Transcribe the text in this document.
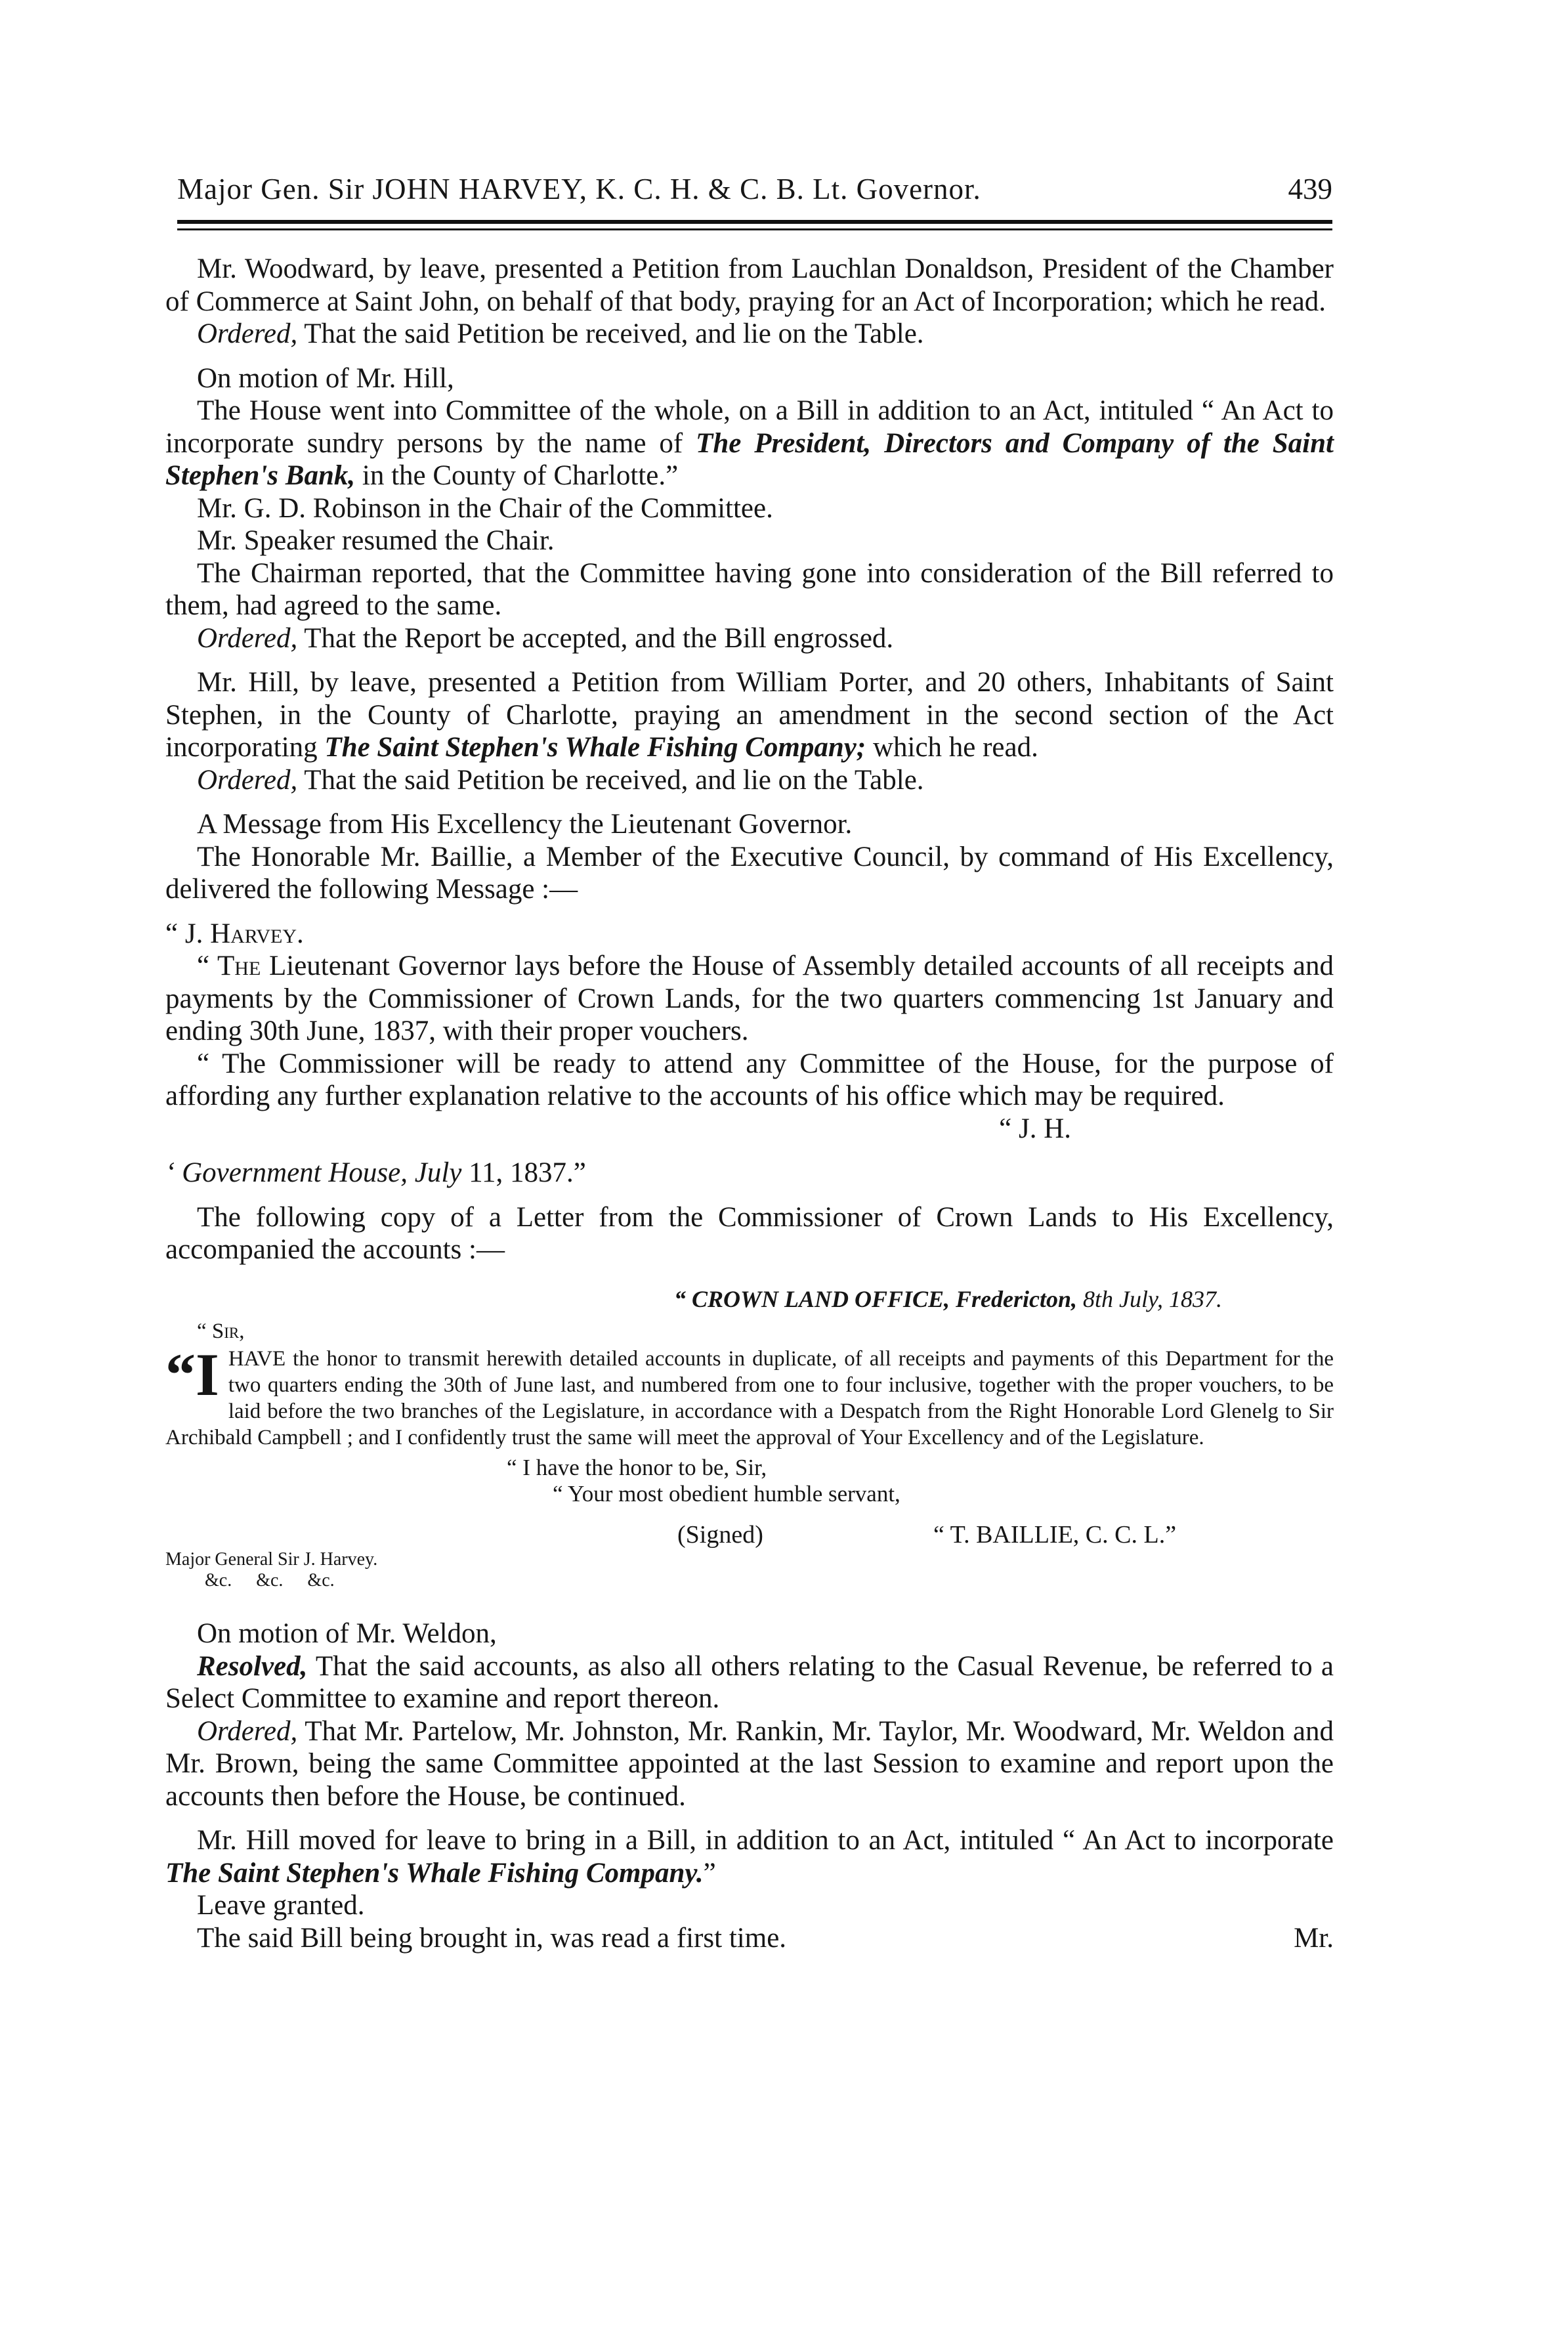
Major Gen. Sir JOHN HARVEY, K. C. H. & C. B. Lt. Governor.	439

Mr. Woodward, by leave, presented a Petition from Lauchlan Donaldson, President of the Chamber of Commerce at Saint John, on behalf of that body, praying for an Act of Incorporation; which he read.

Ordered, That the said Petition be received, and lie on the Table.

On motion of Mr. Hill,

The House went into Committee of the whole, on a Bill in addition to an Act, intituled “ An Act to incorporate sundry persons by the name of The President, Directors and Company of the Saint Stephen's Bank, in the County of Charlotte.”

Mr. G. D. Robinson in the Chair of the Committee.

Mr. Speaker resumed the Chair.

The Chairman reported, that the Committee having gone into consideration of the Bill referred to them, had agreed to the same.

Ordered, That the Report be accepted, and the Bill engrossed.

Mr. Hill, by leave, presented a Petition from William Porter, and 20 others, Inhabitants of Saint Stephen, in the County of Charlotte, praying an amendment in the second section of the Act incorporating The Saint Stephen's Whale Fishing Company; which he read.

Ordered, That the said Petition be received, and lie on the Table.

A Message from His Excellency the Lieutenant Governor.

The Honorable Mr. Baillie, a Member of the Executive Council, by command of His Excellency, delivered the following Message :—

“ J. Harvey.

“ The Lieutenant Governor lays before the House of Assembly detailed accounts of all receipts and payments by the Commissioner of Crown Lands, for the two quarters commencing 1st January and ending 30th June, 1837, with their proper vouchers.

“ The Commissioner will be ready to attend any Committee of the House, for the purpose of affording any further explanation relative to the accounts of his office which may be required.

“ J. H.

‘ Government House, July 11, 1837.”

The following copy of a Letter from the Commissioner of Crown Lands to His Excellency, accompanied the accounts :—

“ CROWN LAND OFFICE, Fredericton, 8th July, 1837.

“ Sir,

“I HAVE the honor to transmit herewith detailed accounts in duplicate, of all receipts and payments of this Department for the two quarters ending the 30th of June last, and numbered from one to four inclusive, together with the proper vouchers, to be laid before the two branches of the Legislature, in accordance with a Despatch from the Right Honorable Lord Glenelg to Sir Archibald Campbell ; and I confidently trust the same will meet the approval of Your Excellency and of the Legislature.

“ I have the honor to be, Sir,

“ Your most obedient humble servant,

(Signed)	“ T. BAILLIE, C. C. L.”

Major General Sir J. Harvey.

&c. &c. &c.

On motion of Mr. Weldon,

Resolved, That the said accounts, as also all others relating to the Casual Revenue, be referred to a Select Committee to examine and report thereon.

Ordered, That Mr. Partelow, Mr. Johnston, Mr. Rankin, Mr. Taylor, Mr. Woodward, Mr. Weldon and Mr. Brown, being the same Committee appointed at the last Session to examine and report upon the accounts then before the House, be continued.

Mr. Hill moved for leave to bring in a Bill, in addition to an Act, intituled “ An Act to incorporate The Saint Stephen's Whale Fishing Company.”

Leave granted.

The said Bill being brought in, was read a first time.	Mr.
